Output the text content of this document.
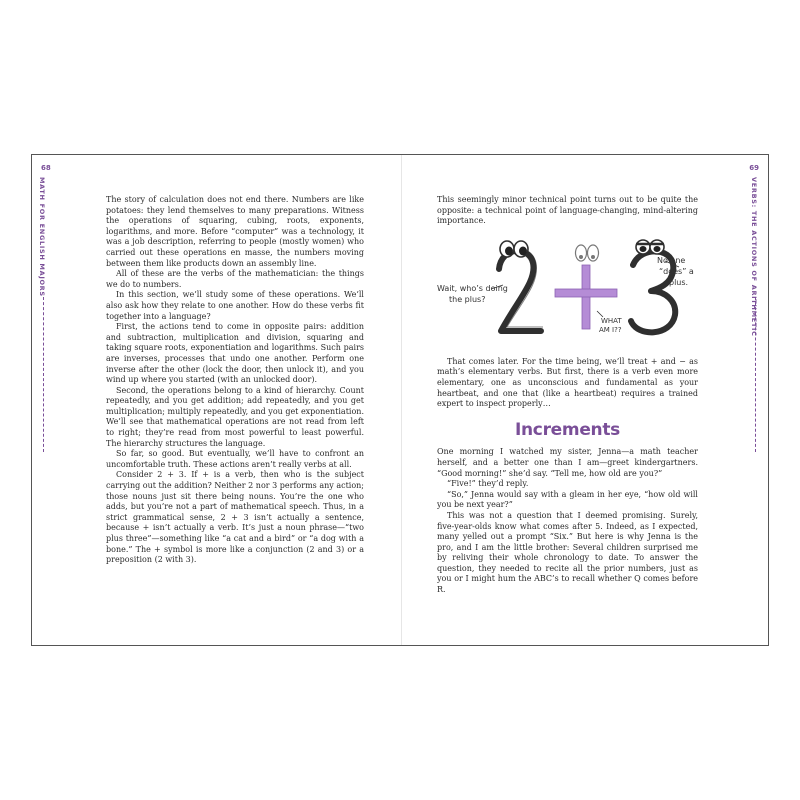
68
MATH FOR ENGLISH MAJORS	The story of calculation does not end there. Numbers are like potatoes: they lend themselves to many preparations. Witness the operations of squaring, cubing, roots, exponents, logarithms, and more. Before “computer” was a technology, it was a job description, referring to people (mostly women) who carried out these operations en masse, the numbers moving between them like products down an assembly line.

All of these are the verbs of the mathematician: the things we do to numbers.

In this section, we’ll study some of these operations. We’ll also ask how they relate to one another. How do these verbs fit together into a language?

First, the actions tend to come in opposite pairs: addition and subtraction, multiplication and division, squaring and taking square roots, exponentiation and logarithms. Such pairs are inverses, processes that undo one another. Perform one inverse after the other (lock the door, then unlock it), and you wind up where you started (with an unlocked door).

Second, the operations belong to a kind of hierarchy. Count repeatedly, and you get addition; add repeatedly, and you get multiplication; multiply repeatedly, and you get exponentiation. We’ll see that mathematical operations are not read from left to right; they’re read from most powerful to least powerful. The hierarchy structures the language.

So far, so good. But eventually, we’ll have to confront an uncomfortable truth. These actions aren’t really verbs at all.

Consider 2 + 3. If + is a verb, then who is the subject carrying out the addition? Neither 2 nor 3 performs any action; those nouns just sit there being nouns. You’re the one who adds, but you’re not a part of mathematical speech. Thus, in a strict grammatical sense, 2 + 3 isn’t actually a sentence, because + isn’t actually a verb. It’s just a noun phrase—“two plus three”—something like “a cat and a bird” or “a dog with a bone.” The + symbol is more like a conjunction (2 and 3) or a preposition (2 with 3).

69
VERBS: THE ACTIONS OF ARITHMETIC

This seemingly minor technical point turns out to be quite the opposite: a technical point of language-changing, mind-altering importance.

Wait, who’s doing
the plus?
WHAT
AM I??
No one
“does” a
plus.

That comes later. For the time being, we’ll treat + and − as math’s elementary verbs. But first, there is a verb even more elementary, one as unconscious and fundamental as your heartbeat, and one that (like a heartbeat) requires a trained expert to inspect properly…

Increments

One morning I watched my sister, Jenna—a math teacher herself, and a better one than I am—greet kindergartners. “Good morning!” she’d say. “Tell me, how old are you?”

“Five!” they’d reply.

“So,” Jenna would say with a gleam in her eye, “how old will you be next year?”

This was not a question that I deemed promising. Surely, five-year-olds know what comes after 5. Indeed, as I expected, many yelled out a prompt “Six.” But here is why Jenna is the pro, and I am the little brother: Several children surprised me by reliving their whole chronology to date. To answer the question, they needed to recite all the prior numbers, just as you or I might hum the ABC’s to recall whether Q comes before R.
